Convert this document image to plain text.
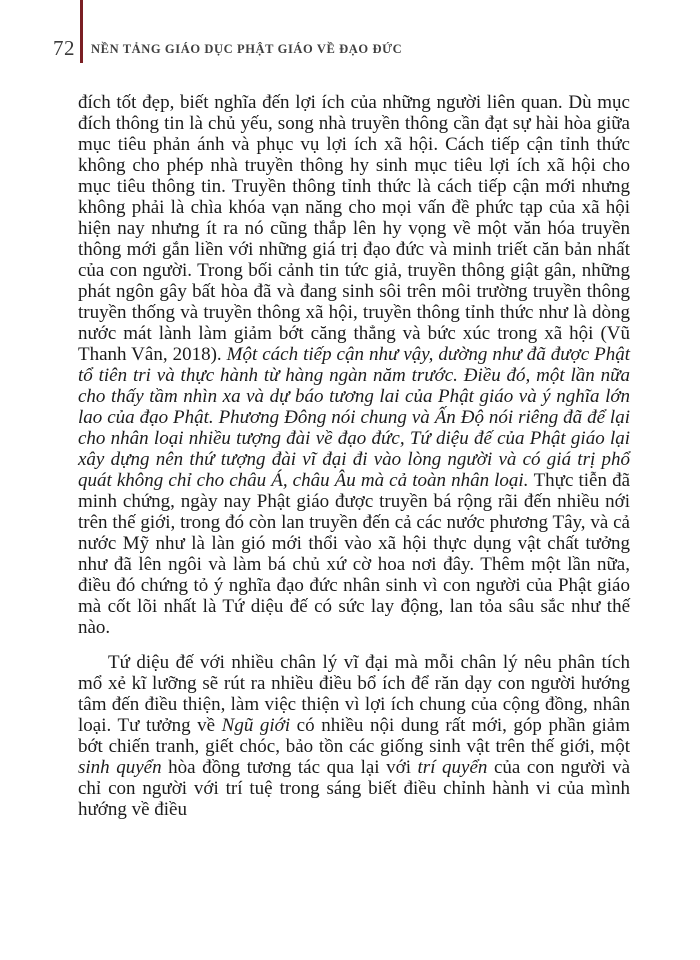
72 NỀN TẢNG GIÁO DỤC PHẬT GIÁO VỀ ĐẠO ĐỨC

đích tốt đẹp, biết nghĩa đến lợi ích của những người liên quan. Dù mục đích thông tin là chủ yếu, song nhà truyền thông cần đạt sự hài hòa giữa mục tiêu phản ánh và phục vụ lợi ích xã hội. Cách tiếp cận tỉnh thức không cho phép nhà truyền thông hy sinh mục tiêu lợi ích xã hội cho mục tiêu thông tin. Truyền thông tỉnh thức là cách tiếp cận mới nhưng không phải là chìa khóa vạn năng cho mọi vấn đề phức tạp của xã hội hiện nay nhưng ít ra nó cũng thắp lên hy vọng về một văn hóa truyền thông mới gắn liền với những giá trị đạo đức và minh triết căn bản nhất của con người. Trong bối cảnh tin tức giả, truyền thông giật gân, những phát ngôn gây bất hòa đã và đang sinh sôi trên môi trường truyền thông truyền thống và truyền thông xã hội, truyền thông tỉnh thức như là dòng nước mát lành làm giảm bớt căng thẳng và bức xúc trong xã hội (Vũ Thanh Vân, 2018). Một cách tiếp cận như vậy, dường như đã được Phật tổ tiên tri và thực hành từ hàng ngàn năm trước. Điều đó, một lần nữa cho thấy tầm nhìn xa và dự báo tương lai của Phật giáo và ý nghĩa lớn lao của đạo Phật. Phương Đông nói chung và Ấn Độ nói riêng đã để lại cho nhân loại nhiều tượng đài về đạo đức, Tứ diệu đế của Phật giáo lại xây dựng nên thứ tượng đài vĩ đại đi vào lòng người và có giá trị phổ quát không chỉ cho châu Á, châu Âu mà cả toàn nhân loại. Thực tiễn đã minh chứng, ngày nay Phật giáo được truyền bá rộng rãi đến nhiều nới trên thế giới, trong đó còn lan truyền đến cả các nước phương Tây, và cả nước Mỹ như là làn gió mới thổi vào xã hội thực dụng vật chất tưởng như đã lên ngôi và làm bá chủ xứ cờ hoa nơi đây. Thêm một lần nữa, điều đó chứng tỏ ý nghĩa đạo đức nhân sinh vì con người của Phật giáo mà cốt lõi nhất là Tứ diệu đế có sức lay động, lan tỏa sâu sắc như thế nào.

Tứ diệu đế với nhiều chân lý vĩ đại mà mỗi chân lý nêu phân tích mổ xẻ kĩ lưỡng sẽ rút ra nhiều điều bổ ích để răn dạy con người hướng tâm đến điều thiện, làm việc thiện vì lợi ích chung của cộng đồng, nhân loại. Tư tưởng về Ngũ giới có nhiều nội dung rất mới, góp phần giảm bớt chiến tranh, giết chóc, bảo tồn các giống sinh vật trên thế giới, một sinh quyển hòa đồng tương tác qua lại với trí quyển của con người và chỉ con người với trí tuệ trong sáng biết điều chỉnh hành vi của mình hướng về điều
